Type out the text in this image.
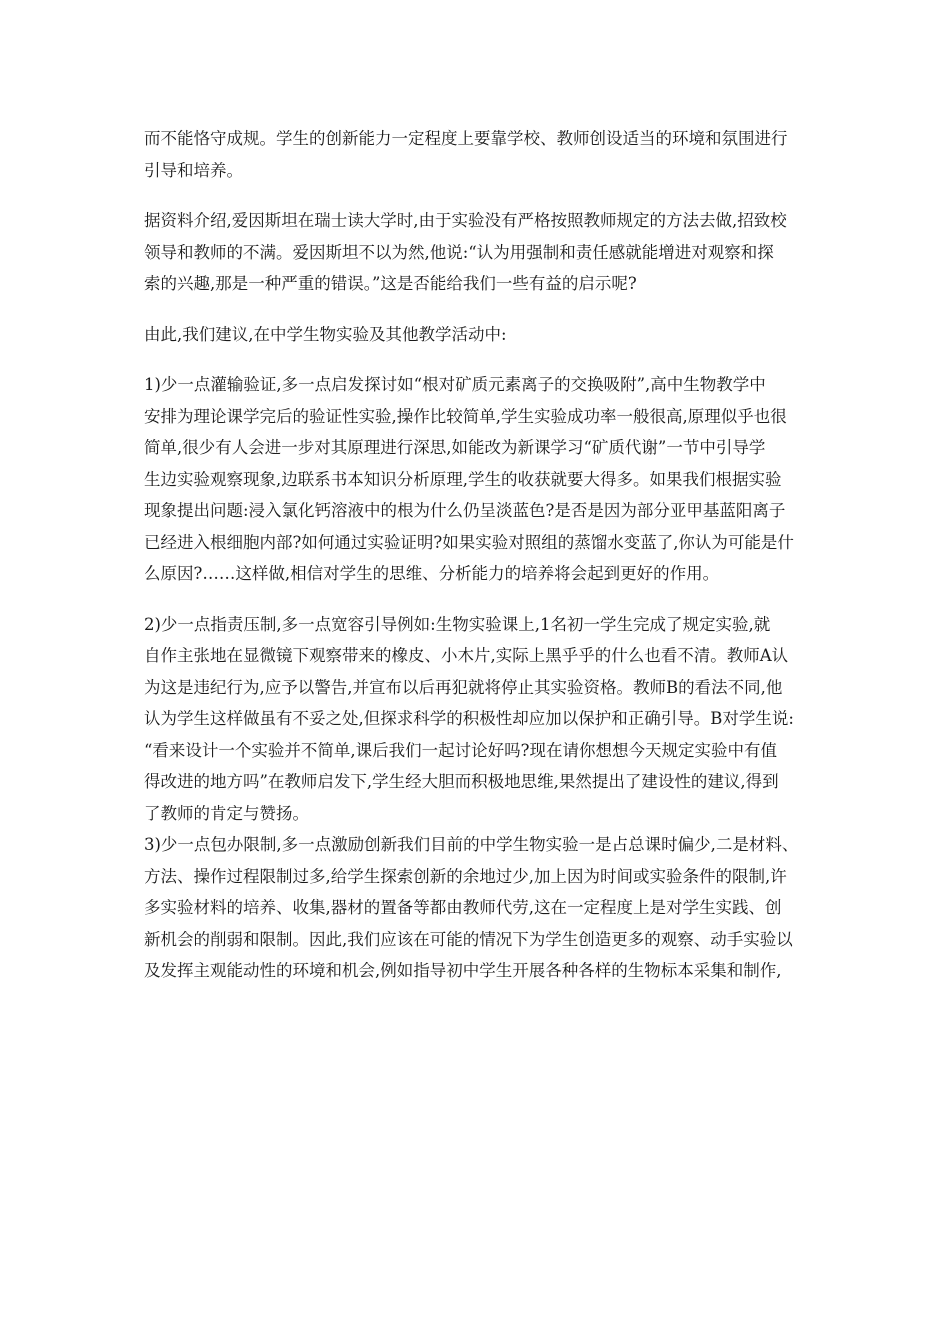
而不能恪守成规。学生的创新能力一定程度上要靠学校、教师创设适当的环境和氛围进行
引导和培养。

据资料介绍,爱因斯坦在瑞士读大学时,由于实验没有严格按照教师规定的方法去做,招致校
领导和教师的不满。爱因斯坦不以为然,他说:“认为用强制和责任感就能增进对观察和探
索的兴趣,那是一种严重的错误。”这是否能给我们一些有益的启示呢?

由此,我们建议,在中学生物实验及其他教学活动中:

1)少一点灌输验证,多一点启发探讨如“根对矿质元素离子的交换吸附”,高中生物教学中
安排为理论课学完后的验证性实验,操作比较简单,学生实验成功率一般很高,原理似乎也很
简单,很少有人会进一步对其原理进行深思,如能改为新课学习“矿质代谢”一节中引导学
生边实验观察现象,边联系书本知识分析原理,学生的收获就要大得多。如果我们根据实验
现象提出问题:浸入氯化钙溶液中的根为什么仍呈淡蓝色?是否是因为部分亚甲基蓝阳离子
已经进入根细胞内部?如何通过实验证明?如果实验对照组的蒸馏水变蓝了,你认为可能是什
么原因?……这样做,相信对学生的思维、分析能力的培养将会起到更好的作用。

2)少一点指责压制,多一点宽容引导例如:生物实验课上,1名初一学生完成了规定实验,就
自作主张地在显微镜下观察带来的橡皮、小木片,实际上黑乎乎的什么也看不清。教师A认
为这是违纪行为,应予以警告,并宣布以后再犯就将停止其实验资格。教师B的看法不同,他
认为学生这样做虽有不妥之处,但探求科学的积极性却应加以保护和正确引导。B对学生说:
“看来设计一个实验并不简单,课后我们一起讨论好吗?现在请你想想今天规定实验中有值
得改进的地方吗”在教师启发下,学生经大胆而积极地思维,果然提出了建设性的建议,得到
了教师的肯定与赞扬。

3)少一点包办限制,多一点激励创新我们目前的中学生物实验一是占总课时偏少,二是材料、
方法、操作过程限制过多,给学生探索创新的余地过少,加上因为时间或实验条件的限制,许
多实验材料的培养、收集,器材的置备等都由教师代劳,这在一定程度上是对学生实践、创
新机会的削弱和限制。因此,我们应该在可能的情况下为学生创造更多的观察、动手实验以
及发挥主观能动性的环境和机会,例如指导初中学生开展各种各样的生物标本采集和制作,
